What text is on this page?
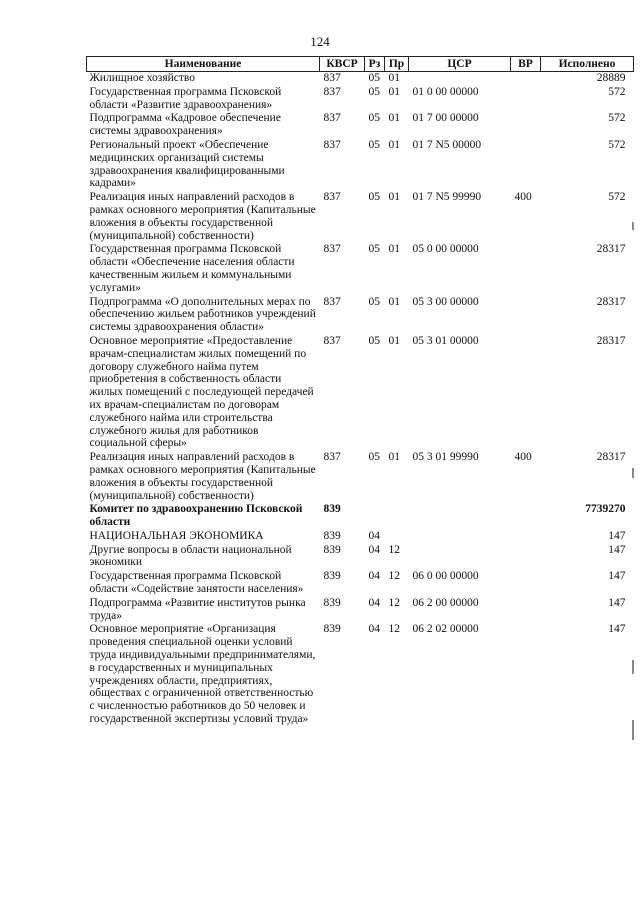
124
Наименование	КВСР	Рз	Пр	ЦСР	ВР	Исполнено
Жилищное хозяйство	837	05	01			28889
Государственная программа Псковской области «Развитие здравоохранения»	837	05	01	01 0 00 00000		572
Подпрограмма «Кадровое обеспечение системы здравоохранения»	837	05	01	01 7 00 00000		572
Региональный проект «Обеспечение медицинских организаций системы здравоохранения квалифицированными кадрами»	837	05	01	01 7 N5 00000		572
Реализация иных направлений расходов в рамках основного мероприятия (Капитальные вложения в объекты государственной (муниципальной) собственности)	837	05	01	01 7 N5 99990	400	572
Государственная программа Псковской области «Обеспечение населения области качественным жильем и коммунальными услугами»	837	05	01	05 0 00 00000		28317
Подпрограмма «О дополнительных мерах по обеспечению жильем работников учреждений системы здравоохранения области»	837	05	01	05 3 00 00000		28317
Основное мероприятие «Предоставление врачам-специалистам жилых помещений по договору служебного найма путем приобретения в собственность области жилых помещений с последующей передачей их врачам-специалистам по договорам служебного найма или строительства служебного жилья для работников социальной сферы»	837	05	01	05 3 01 00000		28317
Реализация иных направлений расходов в рамках основного мероприятия (Капитальные вложения в объекты государственной (муниципальной) собственности)	837	05	01	05 3 01 99990	400	28317
Комитет по здравоохранению Псковской области	839					7739270
НАЦИОНАЛЬНАЯ ЭКОНОМИКА	839	04				147
Другие вопросы в области национальной экономики	839	04	12			147
Государственная программа Псковской области «Содействие занятости населения»	839	04	12	06 0 00 00000		147
Подпрограмма «Развитие институтов рынка труда»	839	04	12	06 2 00 00000		147
Основное мероприятие «Организация проведения специальной оценки условий труда индивидуальными предпринимателями, в государственных и муниципальных учреждениях области, предприятиях, обществах с ограниченной ответственностью с численностью работников до 50 человек и государственной экспертизы условий труда»	839	04	12	06 2 02 00000		147
